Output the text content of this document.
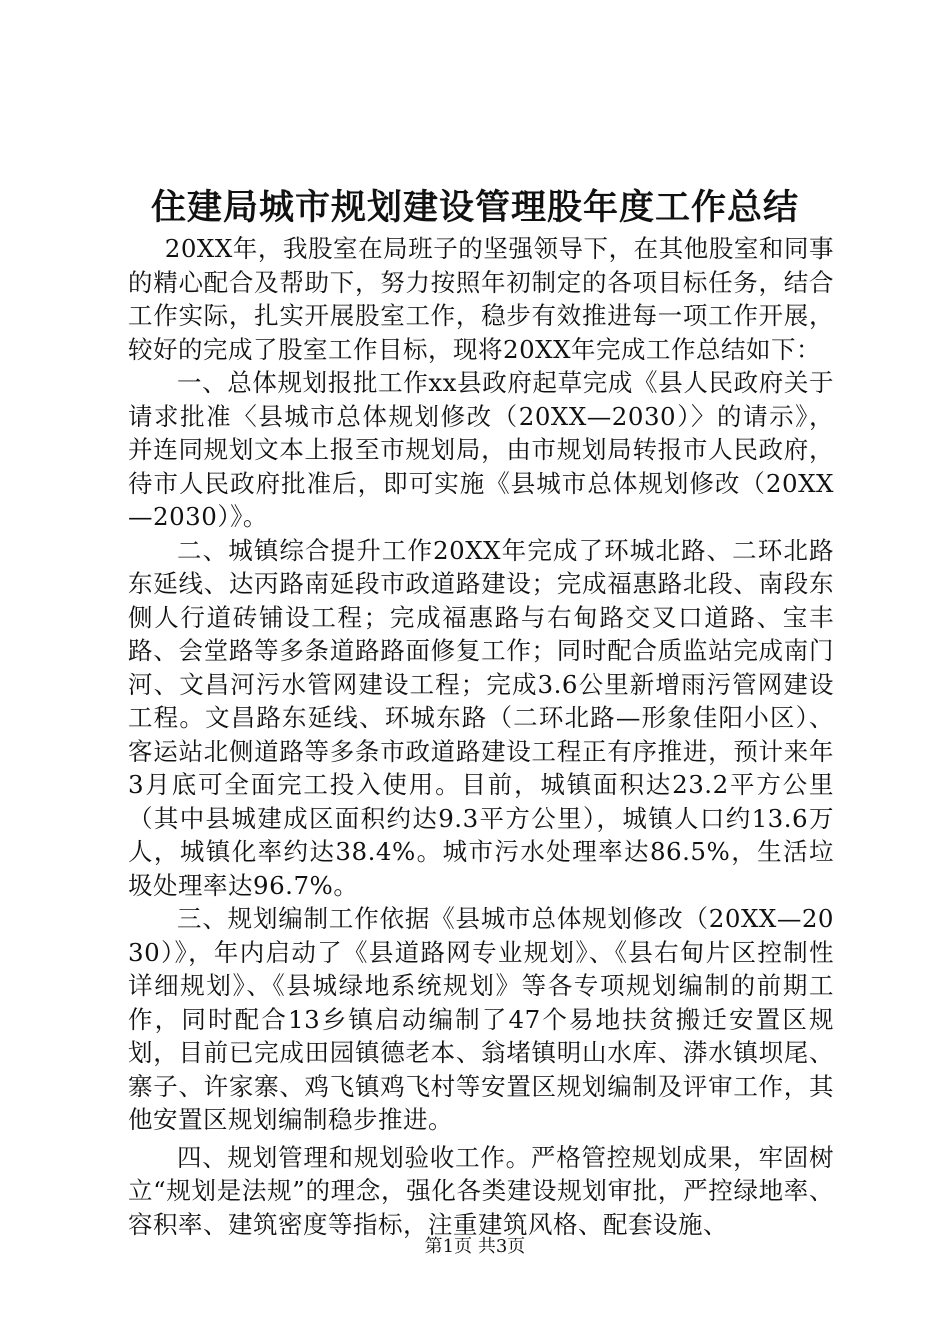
住建局城市规划建设管理股年度工作总结

20XX年，我股室在局班子的坚强领导下，在其他股室和同事的精心配合及帮助下，努力按照年初制定的各项目标任务，结合工作实际，扎实开展股室工作，稳步有效推进每一项工作开展，较好的完成了股室工作目标，现将20XX年完成工作总结如下：

一、总体规划报批工作xx县政府起草完成《县人民政府关于请求批准〈县城市总体规划修改（20XX—2030）〉的请示》，并连同规划文本上报至市规划局，由市规划局转报市人民政府，待市人民政府批准后，即可实施《县城市总体规划修改（20XX—2030）》。

二、城镇综合提升工作20XX年完成了环城北路、二环北路东延线、达丙路南延段市政道路建设；完成福惠路北段、南段东侧人行道砖铺设工程；完成福惠路与右甸路交叉口道路、宝丰路、会堂路等多条道路路面修复工作；同时配合质监站完成南门河、文昌河污水管网建设工程；完成3.6公里新增雨污管网建设工程。文昌路东延线、环城东路（二环北路—形象佳阳小区）、客运站北侧道路等多条市政道路建设工程正有序推进，预计来年3月底可全面完工投入使用。目前，城镇面积达23.2平方公里（其中县城建成区面积约达9.3平方公里），城镇人口约13.6万人，城镇化率约达38.4%。城市污水处理率达86.5%，生活垃圾处理率达96.7%。

三、规划编制工作依据《县城市总体规划修改（20XX—2030）》，年内启动了《县道路网专业规划》、《县右甸片区控制性详细规划》、《县城绿地系统规划》等各专项规划编制的前期工作，同时配合13乡镇启动编制了47个易地扶贫搬迁安置区规划，目前已完成田园镇德老本、翁堵镇明山水库、漭水镇坝尾、寨子、许家寨、鸡飞镇鸡飞村等安置区规划编制及评审工作，其他安置区规划编制稳步推进。

四、规划管理和规划验收工作。严格管控规划成果，牢固树立“规划是法规”的理念，强化各类建设规划审批，严控绿地率、容积率、建筑密度等指标，注重建筑风格、配套设施、

第1页 共3页
